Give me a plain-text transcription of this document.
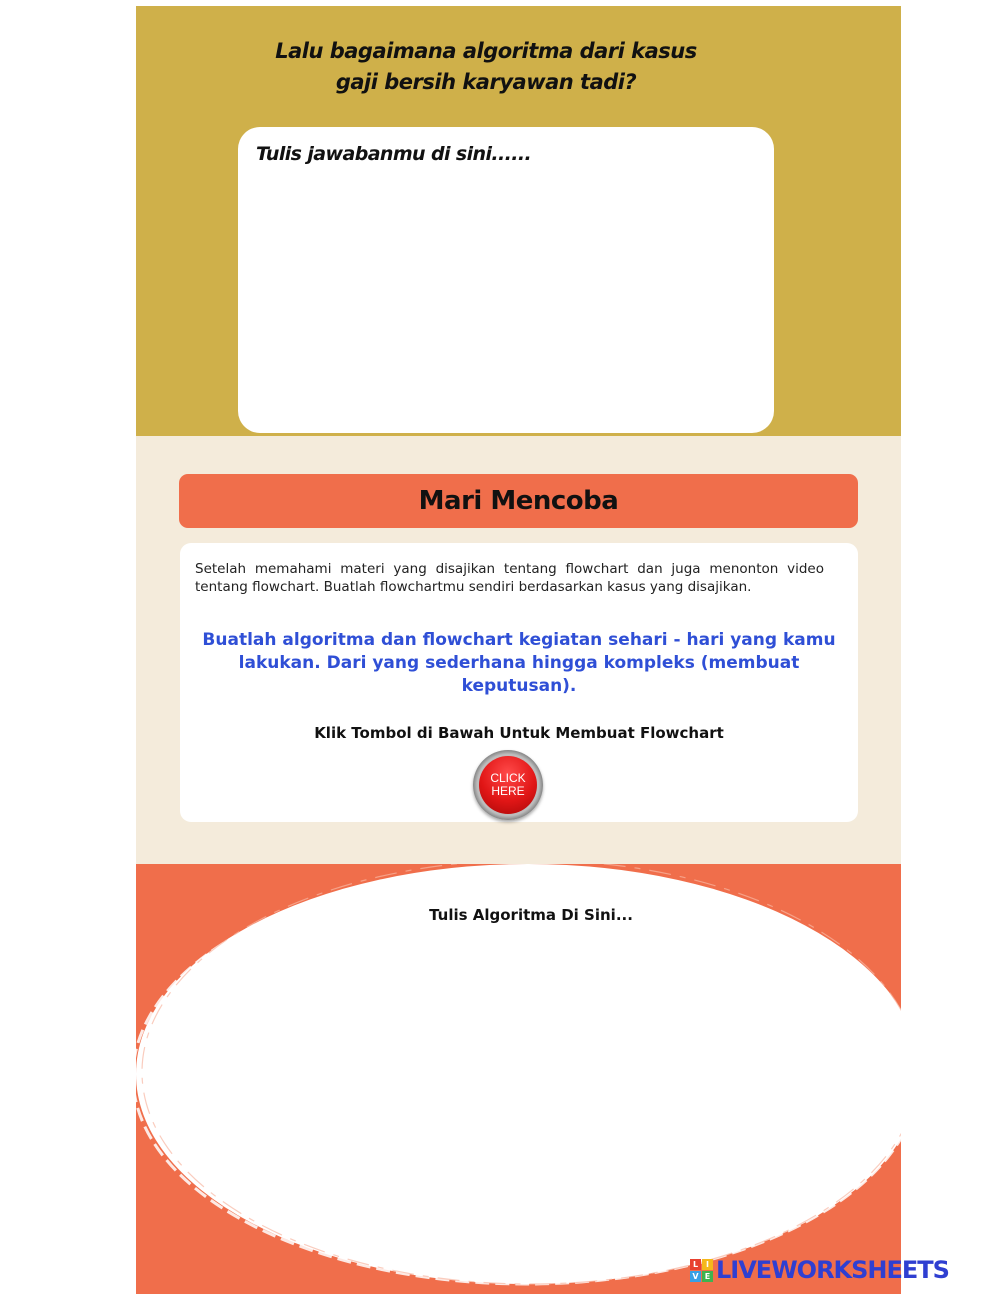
Lalu bagaimana algoritma dari kasus
gaji bersih karyawan tadi?
Tulis jawabanmu di sini......
Mari Mencoba
Setelah memahami materi yang disajikan tentang flowchart dan juga menonton video tentang flowchart. Buatlah flowchartmu sendiri berdasarkan kasus yang disajikan.
Buatlah algoritma dan flowchart kegiatan sehari - hari yang kamu lakukan. Dari yang sederhana hingga kompleks (membuat keputusan).
Klik Tombol di Bawah Untuk Membuat Flowchart
CLICK
HERE
Tulis Algoritma Di Sini...
L I
V E LIVEWORKSHEETS
